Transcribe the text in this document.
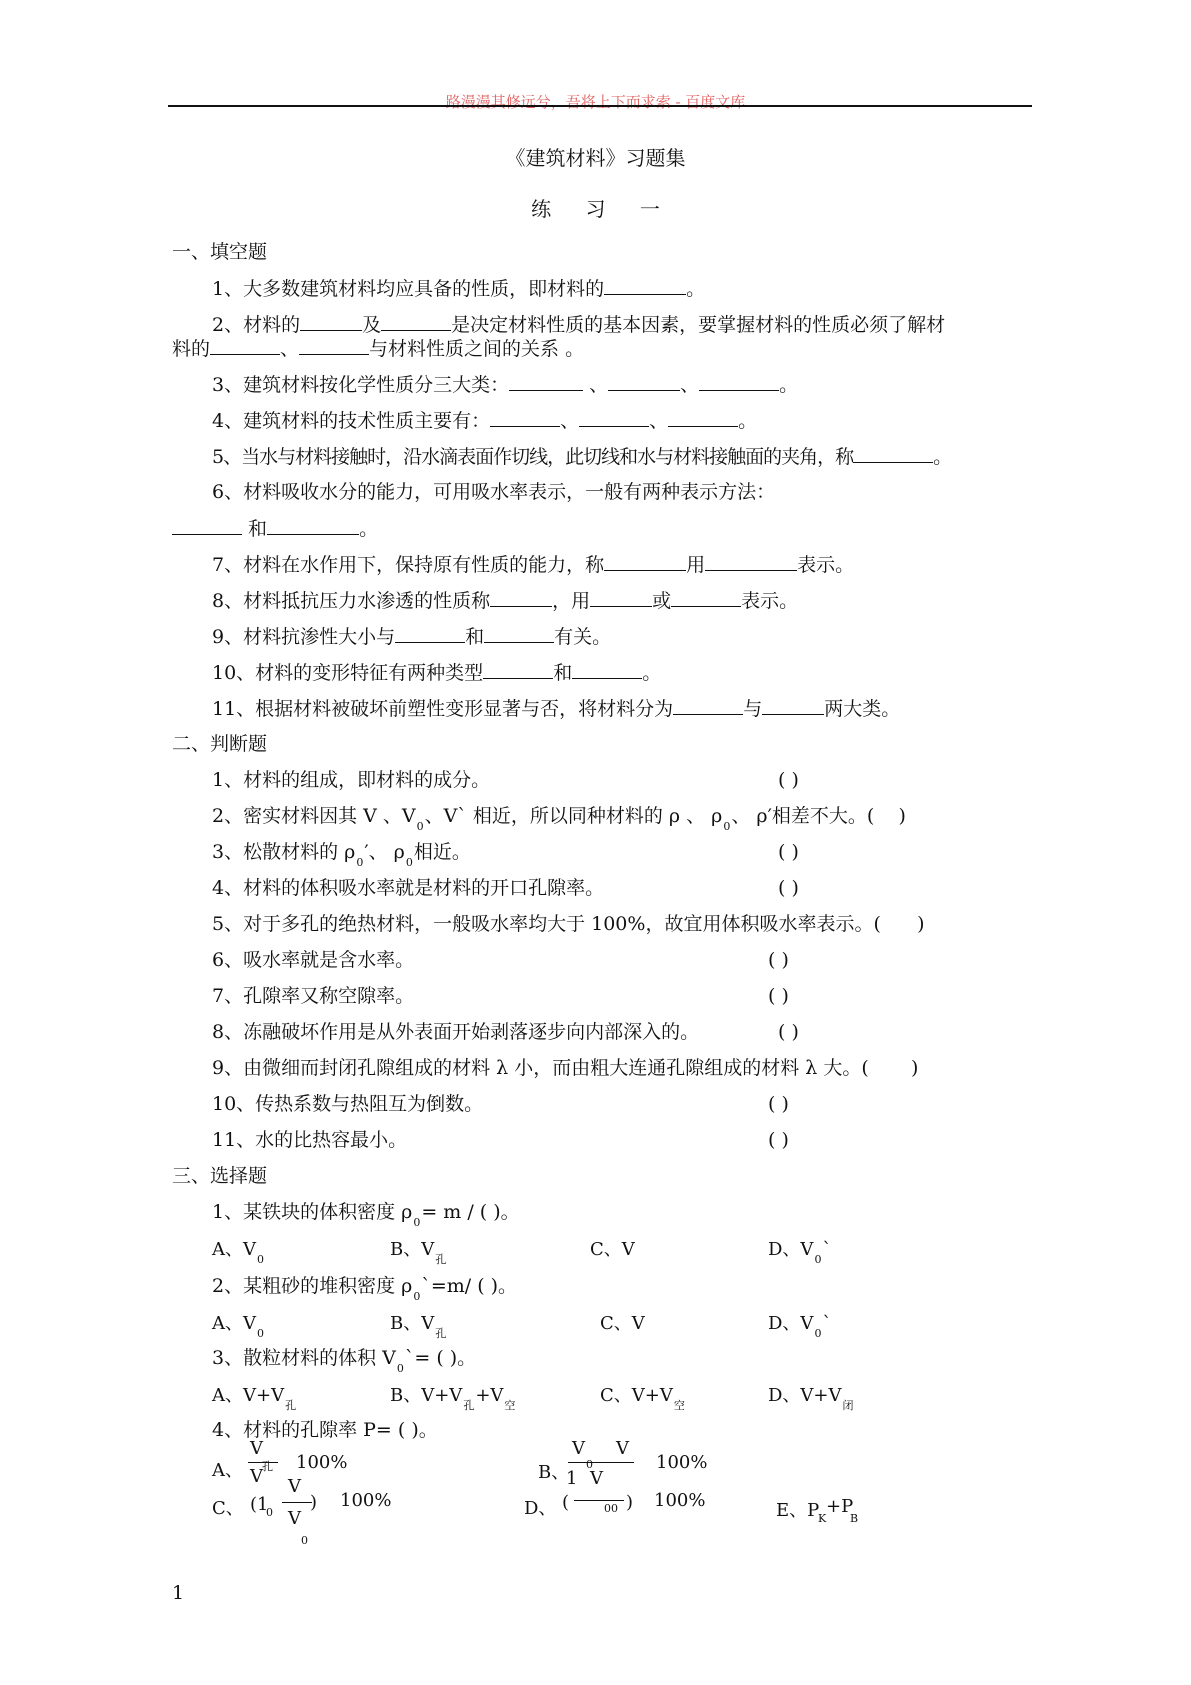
路漫漫其修远兮，吾将上下而求索 - 百度文库
《建筑材料》习题集
练 习 一
一、填空题
1、大多数建筑材料均应具备的性质，即材料的	。
2、材料的	及	是决定材料性质的基本因素，要掌握材料的性质必须了解材
料的	、	与材料性质之间的关系 。
3、建筑材料按化学性质分三大类：	、	、	。
4、建筑材料的技术性质主要有：	、	、	。
5、当水与材料接触时，沿水滴表面作切线，此切线和水与材料接触面的夹角，称	。
6、材料吸收水分的能力，可用吸水率表示，一般有两种表示方法：
和	。
7、材料在水作用下，保持原有性质的能力，称	用	表示。
8、材料抵抗压力水渗透的性质称	，用	或	表示。
9、材料抗渗性大小与	和	有关。
10、材料的变形特征有两种类型	和	。
11、根据材料被破坏前塑性变形显著与否，将材料分为	与	两大类。
二、判断题
1、材料的组成，即材料的成分。	( )
2、密实材料因其 V 、$V_0$、V` 相近，所以同种材料的 ρ 、 $\rho_0$、 ρ′相差不大。( )
3、松散材料的 $\rho_0'$、 $\rho_0$相近。	( )
4、材料的体积吸水率就是材料的开口孔隙率。	( )
5、对于多孔的绝热材料，一般吸水率均大于 100%，故宜用体积吸水率表示。( )
6、吸水率就是含水率。	( )
7、孔隙率又称空隙率。	( )
8、冻融破坏作用是从外表面开始剥落逐步向内部深入的。	( )
9、由微细而封闭孔隙组成的材料 λ 小，而由粗大连通孔隙组成的材料 λ 大。( )
10、传热系数与热阻互为倒数。	( )
11、水的比热容最小。	( )
三、选择题
1、某铁块的体积密度 $\rho_0= m$ / ( )。
A、$V_0$	B、$V_孔$	C、V	D、$V_0`$
2、某粗砂的堆积密度 $\rho_0`=m/$ ( )。
A、$V_0$	B、$V_孔$	C、V	D、$V_0`$
3、散粒材料的体积 $V_0`=$ ( )。
A、$V+V_孔$	B、$V+V_孔+V_空$	C、$V+V_空$	D、$V+V_闭$
4、材料的孔隙率 P= ( )。
A、
V
孔
V
100%	B、
V
0
V
1 V
100%
C、 (1
0
V
)
V
0
100%	D、 (	00 ) 100%	E、P
K
+P
B
1
